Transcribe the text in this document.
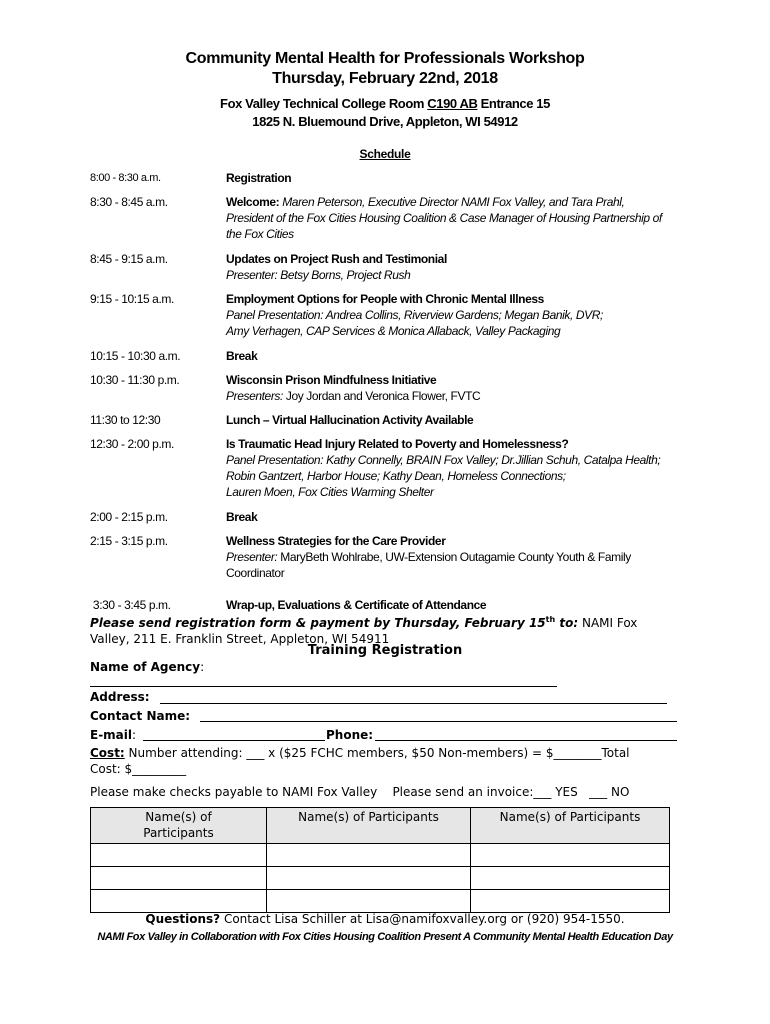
Community Mental Health for Professionals Workshop
Thursday, February 22nd, 2018
Fox Valley Technical College Room C190 AB Entrance 15
1825 N. Bluemound Drive, Appleton, WI 54912
Schedule
8:00 - 8:30 a.m.	Registration
8:30 - 8:45 a.m.	Welcome: Maren Peterson, Executive Director NAMI Fox Valley, and Tara Prahl,
President of the Fox Cities Housing Coalition & Case Manager of Housing Partnership of
the Fox Cities
8:45 - 9:15 a.m.	Updates on Project Rush and Testimonial
Presenter: Betsy Borns, Project Rush
9:15 - 10:15 a.m.	Employment Options for People with Chronic Mental Illness
Panel Presentation: Andrea Collins, Riverview Gardens; Megan Banik, DVR;
Amy Verhagen, CAP Services & Monica Allaback, Valley Packaging
10:15 - 10:30 a.m.	Break
10:30 - 11:30 p.m.	Wisconsin Prison Mindfulness Initiative
Presenters: Joy Jordan and Veronica Flower, FVTC
11:30 to 12:30	Lunch – Virtual Hallucination Activity Available
12:30 - 2:00 p.m.	Is Traumatic Head Injury Related to Poverty and Homelessness?
Panel Presentation: Kathy Connelly, BRAIN Fox Valley; Dr.Jillian Schuh, Catalpa Health;
Robin Gantzert, Harbor House; Kathy Dean, Homeless Connections;
Lauren Moen, Fox Cities Warming Shelter
2:00 - 2:15 p.m.	Break
2:15 - 3:15 p.m.	Wellness Strategies for the Care Provider
Presenter: MaryBeth Wohlrabe, UW-Extension Outagamie County Youth & Family
Coordinator
3:30 - 3:45 p.m.	Wrap-up, Evaluations & Certificate of Attendance
Please send registration form & payment by Thursday, February 15th to: NAMI Fox
Valley, 211 E. Franklin Street, Appleton, WI 54911
Training Registration
Name of Agency:
Address:
Contact Name:
E-mail:	Phone:
Cost: Number attending: ___ x ($25 FCHC members, $50 Non-members) = $________Total
Cost: $_________
Please make checks payable to NAMI Fox Valley    Please send an invoice:___ YES   ___ NO
Name(s) of Participants	Name(s) of Participants	Name(s) of Participants

Questions? Contact Lisa Schiller at Lisa@namifoxvalley.org or (920) 954-1550.
NAMI Fox Valley in Collaboration with Fox Cities Housing Coalition Present A Community Mental Health Education Day
